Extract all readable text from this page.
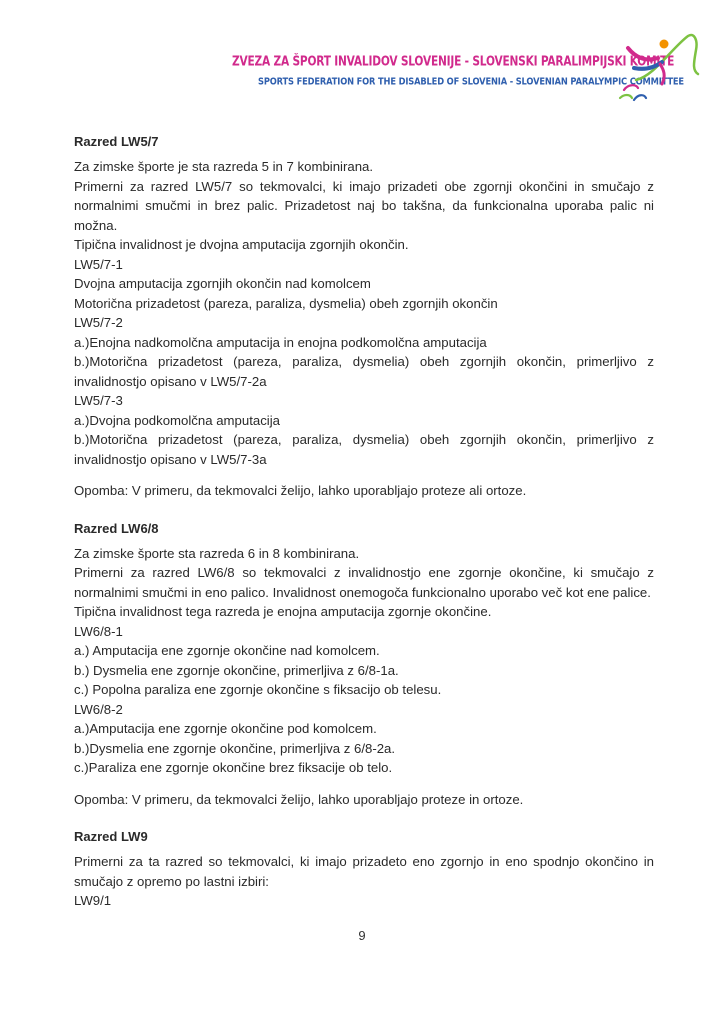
ZVEZA ZA ŠPORT INVALIDOV SLOVENIJE - SLOVENSKI PARALIMPIJSKI KOMITE
SPORTS FEDERATION FOR THE DISABLED OF SLOVENIA - SLOVENIAN PARALYMPIC COMMITTEE
Razred LW5/7

Za zimske športe je sta razreda 5 in 7 kombinirana.

Primerni za razred LW5/7 so tekmovalci, ki imajo prizadeti obe zgornji okončini in smučajo z normalnimi smučmi in brez palic. Prizadetost naj bo takšna, da funkcionalna uporaba palic ni možna.

Tipična invalidnost je dvojna amputacija zgornjih okončin.

LW5/7-1

Dvojna amputacija zgornjih okončin nad komolcem

Motorična prizadetost (pareza, paraliza, dysmelia) obeh zgornjih okončin

LW5/7-2

a.)Enojna nadkomolčna amputacija in enojna podkomolčna amputacija

b.)Motorična prizadetost (pareza, paraliza, dysmelia) obeh zgornjih okončin, primerljivo z invalidnostjo opisano v LW5/7-2a

LW5/7-3

a.)Dvojna podkomolčna amputacija

b.)Motorična prizadetost (pareza, paraliza, dysmelia) obeh zgornjih okončin, primerljivo z invalidnostjo opisano v LW5/7-3a

Opomba: V primeru, da tekmovalci želijo, lahko uporabljajo proteze ali ortoze.

Razred LW6/8

Za zimske športe sta razreda 6 in 8 kombinirana.

Primerni za razred LW6/8 so tekmovalci z invalidnostjo ene zgornje okončine, ki smučajo z normalnimi smučmi in eno palico. Invalidnost onemogoča funkcionalno uporabo več kot ene palice.

Tipična invalidnost tega razreda je enojna amputacija zgornje okončine.

LW6/8-1

a.) Amputacija ene zgornje okončine nad komolcem.

b.) Dysmelia ene zgornje okončine, primerljiva z 6/8-1a.

c.) Popolna paraliza ene zgornje okončine s fiksacijo ob telesu.

LW6/8-2

a.)Amputacija ene zgornje okončine pod komolcem.

b.)Dysmelia ene zgornje okončine, primerljiva z 6/8-2a.

c.)Paraliza ene zgornje okončine brez fiksacije ob telo.

Opomba: V primeru, da tekmovalci želijo, lahko uporabljajo proteze in ortoze.

Razred LW9

Primerni za ta razred so tekmovalci, ki imajo prizadeto eno zgornjo in eno spodnjo okončino in smučajo z opremo po lastni izbiri:

LW9/1

9
